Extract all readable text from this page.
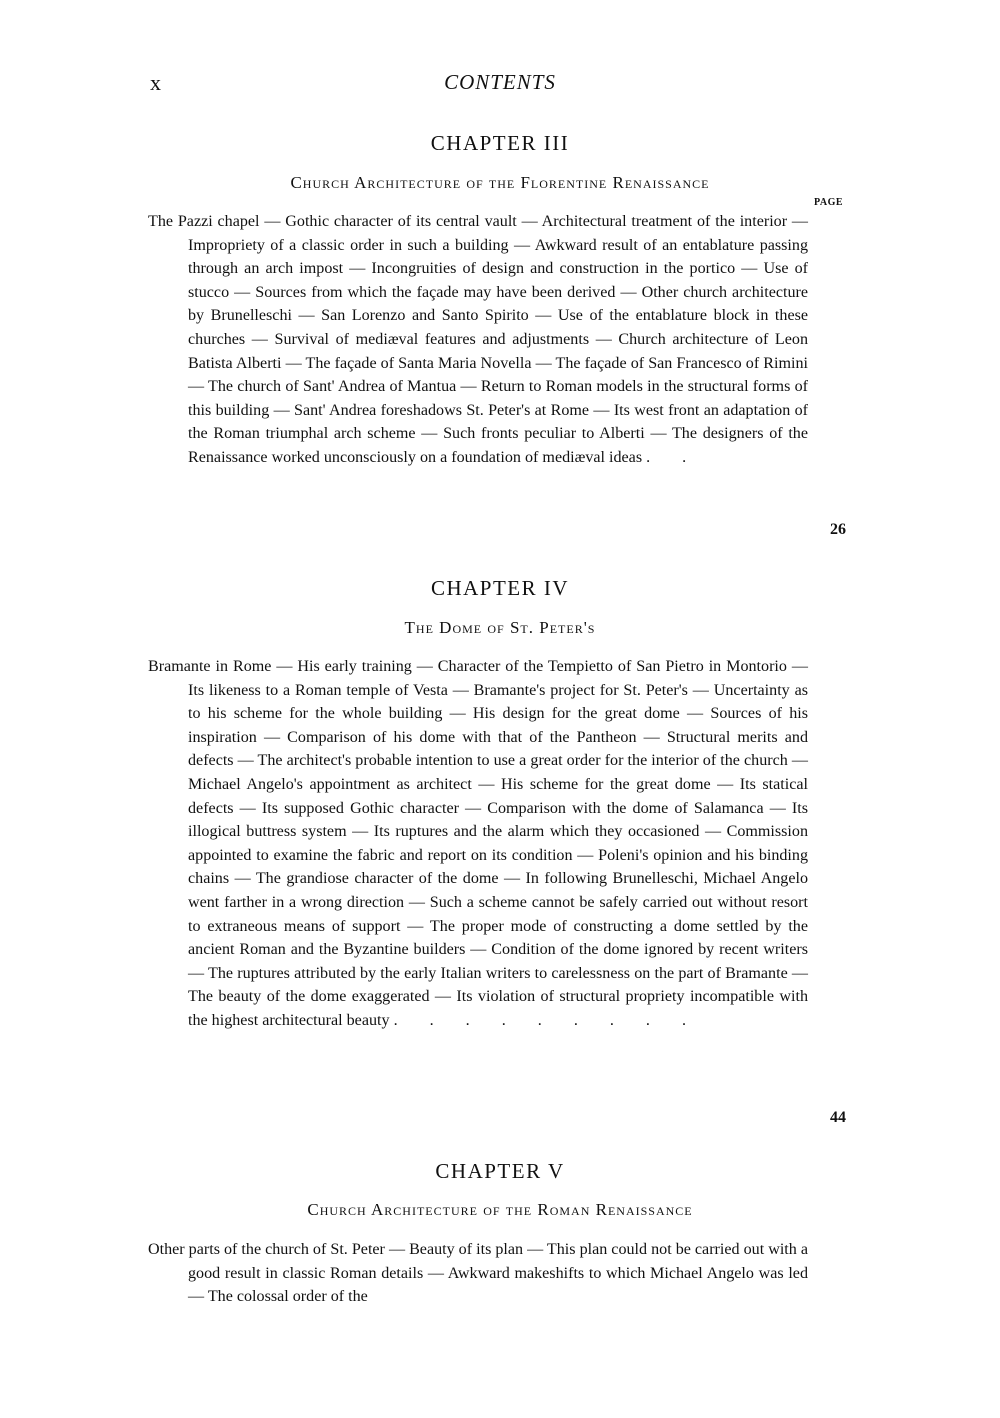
x	CONTENTS
CHAPTER III
Church Architecture of the Florentine Renaissance
PAGE

The Pazzi chapel — Gothic character of its central vault — Architectural treatment of the interior — Impropriety of a classic order in such a building — Awkward result of an entablature passing through an arch impost — Incongruities of design and construction in the portico — Use of stucco — Sources from which the façade may have been derived — Other church architecture by Brunelleschi — San Lorenzo and Santo Spirito — Use of the entablature block in these churches — Survival of mediæval features and adjustments — Church architecture of Leon Batista Alberti — The façade of Santa Maria Novella — The façade of San Francesco of Rimini — The church of Sant' Andrea of Mantua — Return to Roman models in the structural forms of this building — Sant' Andrea foreshadows St. Peter's at Rome — Its west front an adaptation of the Roman triumphal arch scheme — Such fronts peculiar to Alberti — The designers of the Renaissance worked unconsciously on a foundation of mediæval ideas . .

26
CHAPTER IV
The Dome of St. Peter's

Bramante in Rome — His early training — Character of the Tempietto of San Pietro in Montorio — Its likeness to a Roman temple of Vesta — Bramante's project for St. Peter's — Uncertainty as to his scheme for the whole building — His design for the great dome — Sources of his inspiration — Comparison of his dome with that of the Pantheon — Structural merits and defects — The architect's probable intention to use a great order for the interior of the church — Michael Angelo's appointment as architect — His scheme for the great dome — Its statical defects — Its supposed Gothic character — Comparison with the dome of Salamanca — Its illogical buttress system — Its ruptures and the alarm which they occasioned — Commission appointed to examine the fabric and report on its condition — Poleni's opinion and his binding chains — The grandiose character of the dome — In following Brunelleschi, Michael Angelo went farther in a wrong direction — Such a scheme cannot be safely carried out without resort to extraneous means of support — The proper mode of constructing a dome settled by the ancient Roman and the Byzantine builders — Condition of the dome ignored by recent writers — The ruptures attributed by the early Italian writers to carelessness on the part of Bramante — The beauty of the dome exaggerated — Its violation of structural propriety incompatible with the highest architectural beauty . . . . . . . . .

44
CHAPTER V
Church Architecture of the Roman Renaissance

Other parts of the church of St. Peter — Beauty of its plan — This plan could not be carried out with a good result in classic Roman details — Awkward makeshifts to which Michael Angelo was led — The colossal order of the
